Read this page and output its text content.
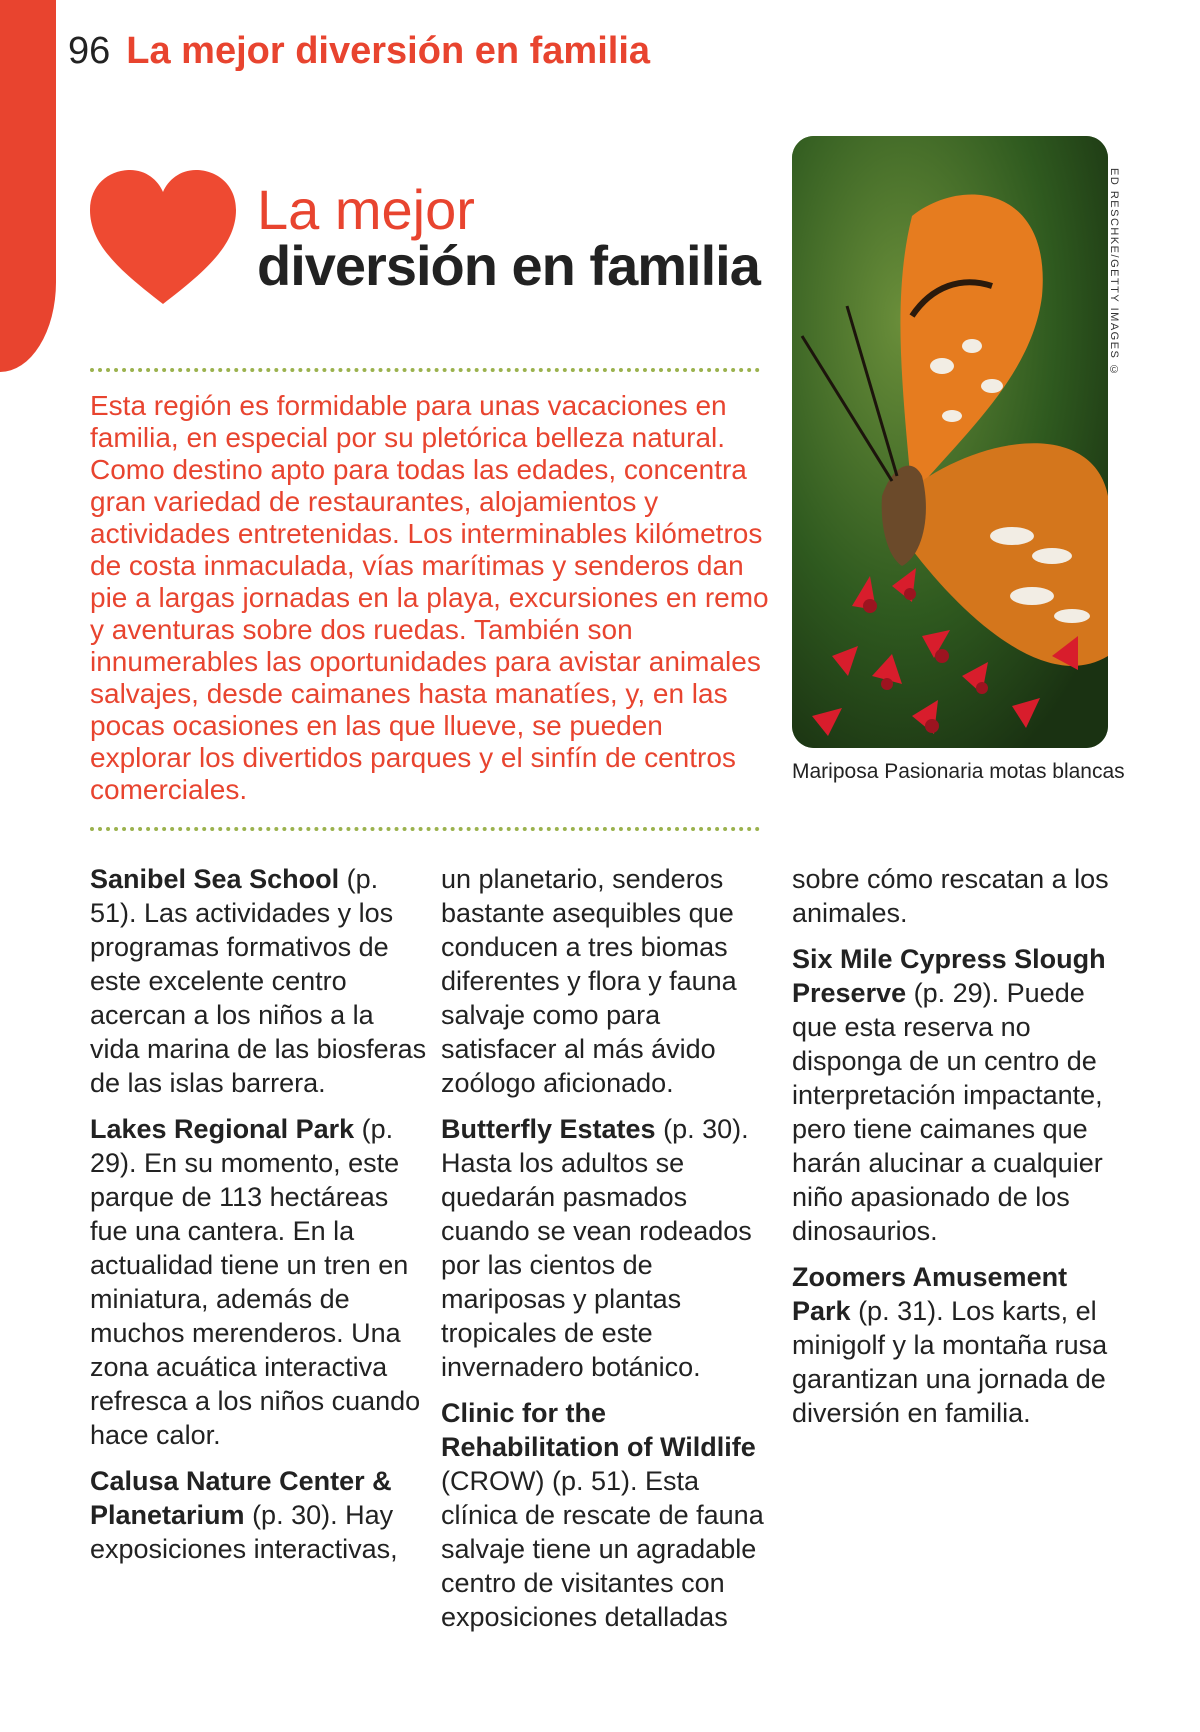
96 La mejor diversión en familia
La mejor
diversión en familia

Esta región es formidable para unas vacaciones en familia, en especial por su pletórica belleza natural. Como destino apto para todas las edades, concentra gran variedad de restaurantes, alojamientos y actividades entretenidas. Los interminables kilómetros de costa inmaculada, vías marítimas y senderos dan pie a largas jornadas en la playa, excursiones en remo y aventuras sobre dos ruedas. También son innumerables las oportunidades para avistar animales salvajes, desde caimanes hasta manatíes, y, en las pocas ocasiones en las que llueve, se pueden explorar los divertidos parques y el sinfín de centros comerciales.

ED RESCHKE/GETTY IMAGES ©
Mariposa Pasionaria motas blancas

Sanibel Sea School (p. 51). Las actividades y los programas formativos de este excelente centro acercan a los niños a la vida marina de las biosferas de las islas barrera.

Lakes Regional Park (p. 29). En su momento, este parque de 113 hectáreas fue una cantera. En la actualidad tiene un tren en miniatura, además de muchos merenderos. Una zona acuática interactiva refresca a los niños cuando hace calor.

Calusa Nature Center & Planetarium (p. 30). Hay exposiciones interactivas,

un planetario, senderos bastante asequibles que conducen a tres biomas diferentes y flora y fauna salvaje como para satisfacer al más ávido zoólogo aficionado.

Butterfly Estates (p. 30). Hasta los adultos se quedarán pasmados cuando se vean rodeados por las cientos de mariposas y plantas tropicales de este invernadero botánico.

Clinic for the Rehabilitation of Wildlife (CROW) (p. 51). Esta clínica de rescate de fauna salvaje tiene un agradable centro de visitantes con exposiciones detalladas

sobre cómo rescatan a los animales.

Six Mile Cypress Slough Preserve (p. 29). Puede que esta reserva no disponga de un centro de interpretación impactante, pero tiene caimanes que harán alucinar a cualquier niño apasionado de los dinosaurios.

Zoomers Amusement Park (p. 31). Los karts, el minigolf y la montaña rusa garantizan una jornada de diversión en familia.
